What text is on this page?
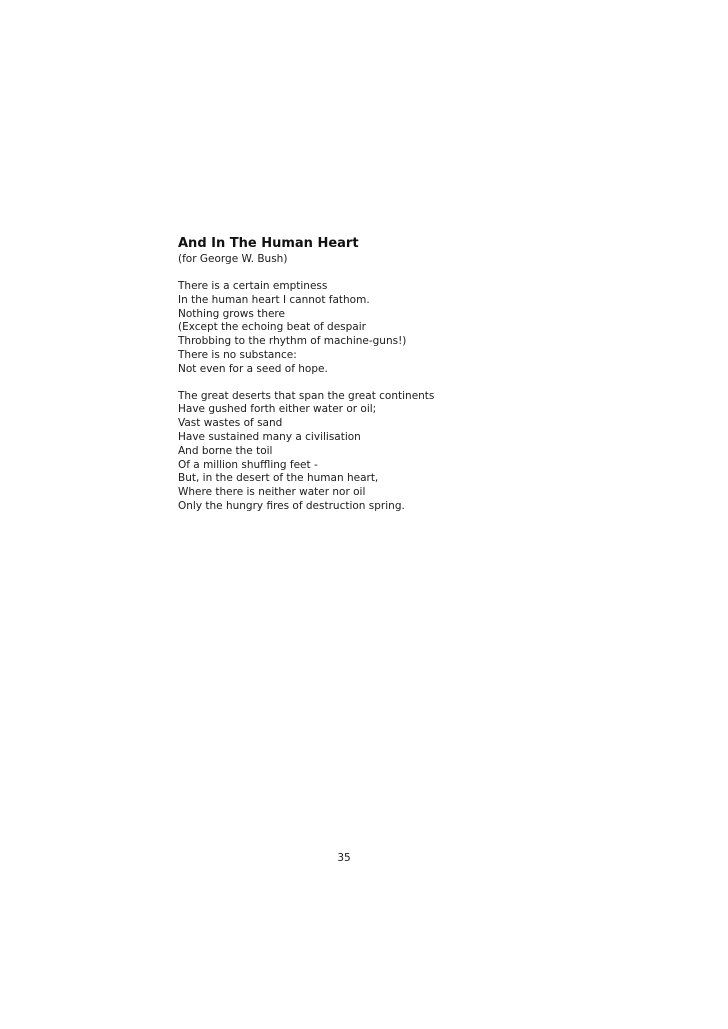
And In The Human Heart
(for George W. Bush)
There is a certain emptiness
In the human heart I cannot fathom.
Nothing grows there
(Except the echoing beat of despair
Throbbing to the rhythm of machine-guns!)
There is no substance:
Not even for a seed of hope.
The great deserts that span the great continents
Have gushed forth either water or oil;
Vast wastes of sand
Have sustained many a civilisation
And borne the toil
Of a million shuffling feet -
But, in the desert of the human heart,
Where there is neither water nor oil
Only the hungry fires of destruction spring.
35
